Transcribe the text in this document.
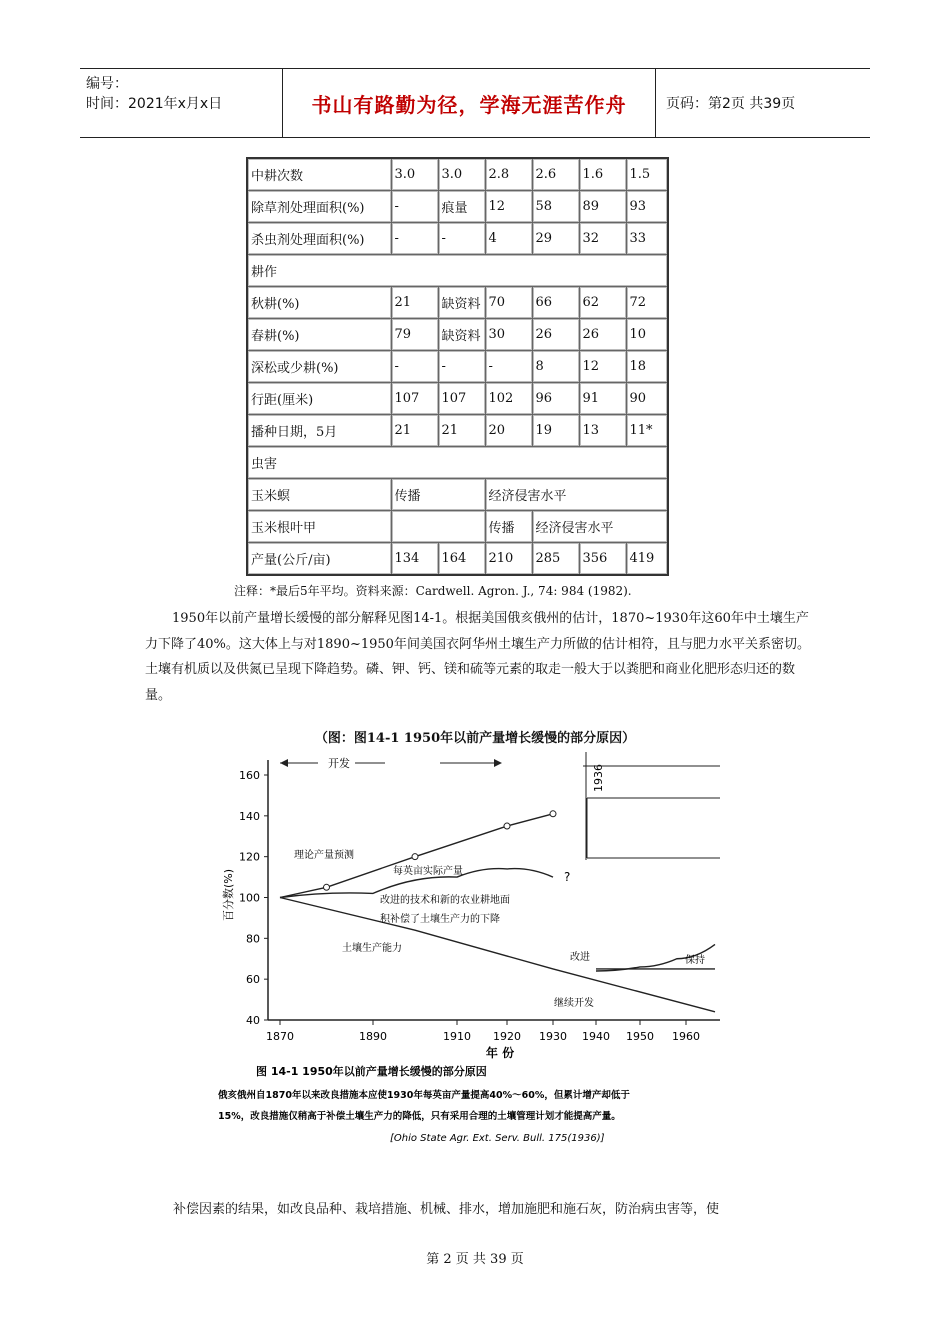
编号：
时间：2021年x月x日	书山有路勤为径，学海无涯苦作舟	页码：第2页 共39页
中耕次数	3.0	3.0	2.8	2.6	1.6	1.5
除草剂处理面积(%)	-	痕量	12	58	89	93
杀虫剂处理面积(%)	-	-	4	29	32	33
耕作						
秋耕(%)	21	缺资料	70	66	62	72
春耕(%)	79	缺资料	30	26	26	10
深松或少耕(%)	-	-	-	8	12	18
行距(厘米)	107	107	102	96	91	90
播种日期，5月	21	21	20	19	13	11*
虫害						
玉米螟	传播		经济侵害水平			
玉米根叶甲			传播	经济侵害水平		
产量(公斤/亩)	134	164	210	285	356	419
注释：*最后5年平均。资料来源：Cardwell. Agron. J., 74: 984 (1982).
1950年以前产量增长缓慢的部分解释见图14-1。根据美国俄亥俄州的估计，1870~1930年这60年中土壤生产力下降了40%。这大体上与对1890~1950年间美国衣阿华州土壤生产力所做的估计相符，且与肥力水平关系密切。土壤有机质以及供氮已呈现下降趋势。磷、钾、钙、镁和硫等元素的取走一般大于以粪肥和商业化肥形态归还的数量。
（图：图14-1 1950年以前产量增长缓慢的部分原因）
160
140
120
100
80
60
40
1870	1890	1910 1920 1930 1940 1950 1960
百分数(%)
年 份
开发
1936
理论产量预测
每英亩实际产量	?
改进的技术和新的农业耕地面
积补偿了土壤生产力的下降
土壤生产能力
改进	保持
继续开发
图 14-1 1950年以前产量增长缓慢的部分原因
俄亥俄州自1870年以来改良措施本应使1930年每英亩产量提高40%～60%，但累计增产却低于
15%，改良措施仅稍高于补偿土壤生产力的降低，只有采用合理的土壤管理计划才能提高产量。
[Ohio State Agr. Ext. Serv. Bull. 175(1936)]
补偿因素的结果，如改良品种、栽培措施、机械、排水，增加施肥和施石灰，防治病虫害等，使
第 2 页 共 39 页
